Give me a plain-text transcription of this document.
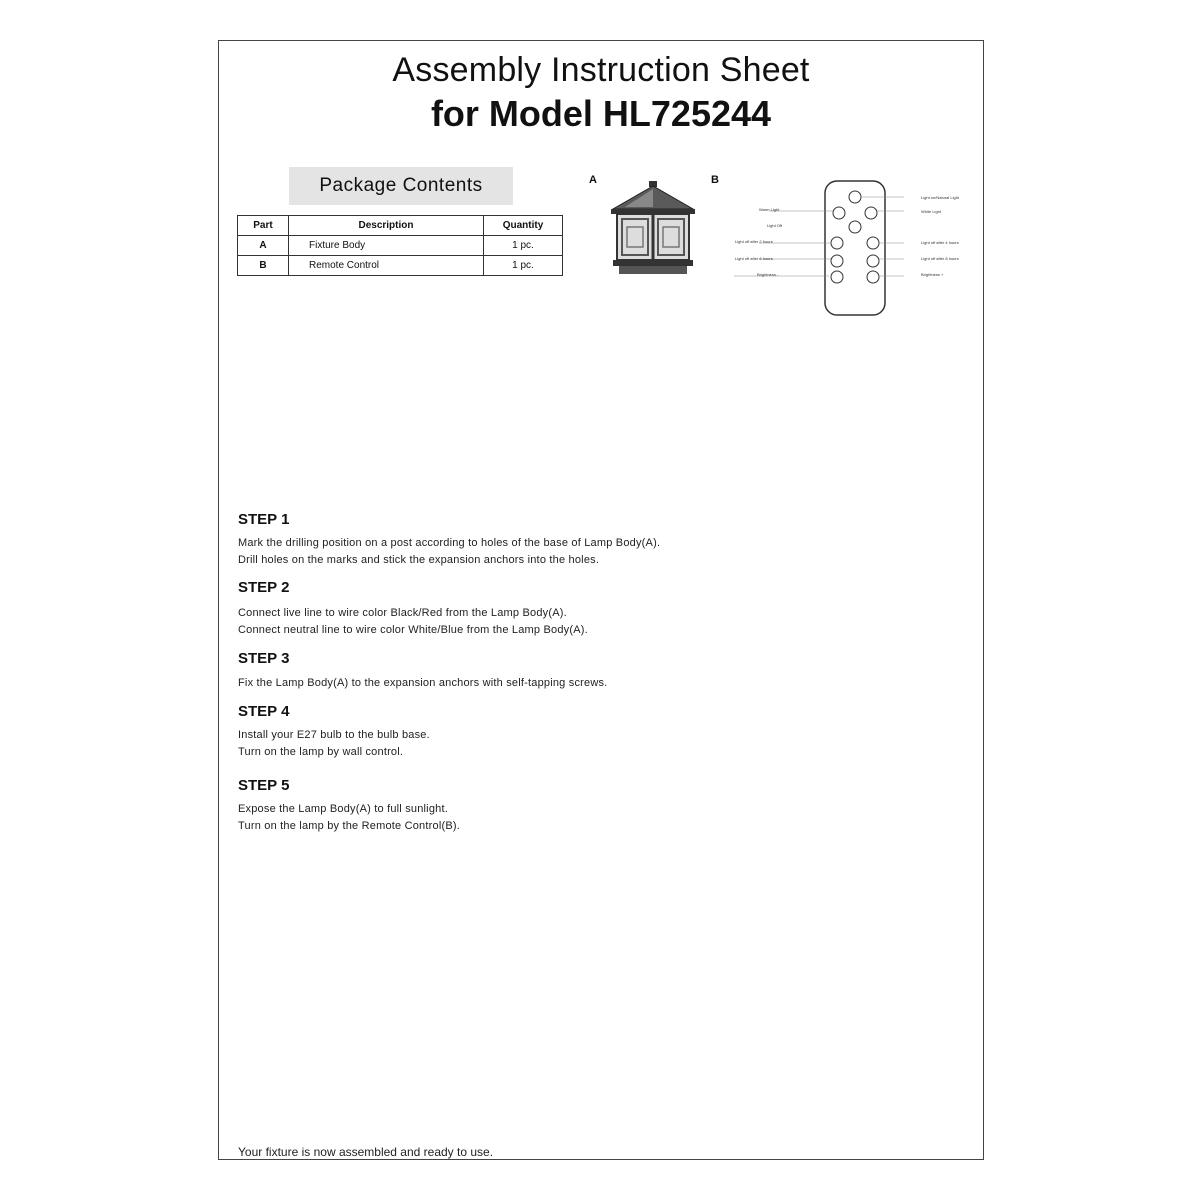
Assembly Instruction Sheet
for Model HL725244
Package Contents
Part	Description	Quantity
A	Fixture Body	1 pc.
B	Remote Control	1 pc.
A	B
Light on/Natural Light
Warm Light	White Light
Light Off
Light off after 2 hours	Light off after 4 hours
Light off after 6 hours	Light off after 8 hours
Brightness -	Brightness +
STEP 1
Mark the drilling position on a post according to holes of the base of Lamp Body(A).
Drill holes on the marks and stick the expansion anchors into the holes.
STEP 2
Connect live line to wire color Black/Red from the Lamp Body(A).
Connect neutral line to wire color White/Blue from the Lamp Body(A).
STEP 3
Fix the Lamp Body(A) to the expansion anchors with self-tapping screws.
STEP 4
Install your E27 bulb to the bulb base.
Turn on the lamp by wall control.
STEP 5
Expose the Lamp Body(A) to full sunlight.
Turn on the lamp by the Remote Control(B).
Your fixture is now assembled and ready to use.
